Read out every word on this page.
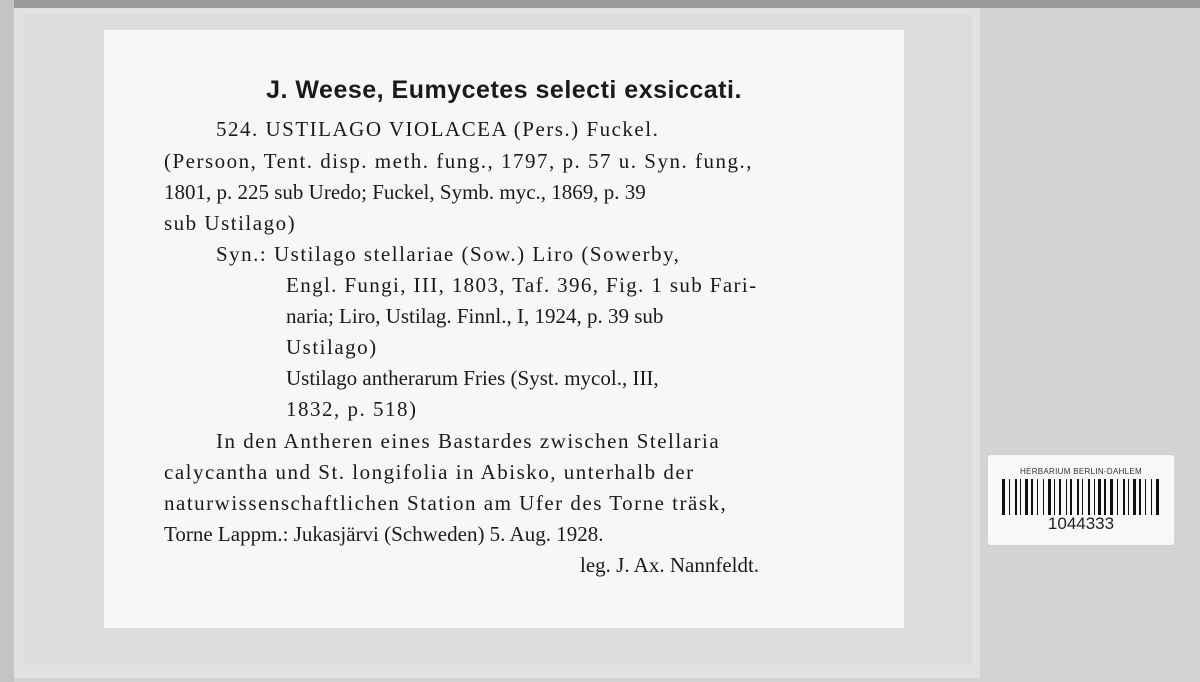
J. Weese, Eumycetes selecti exsiccati.
524. USTILAGO VIOLACEA (Pers.) Fuckel.
(Persoon, Tent. disp. meth. fung., 1797, p. 57 u. Syn. fung.,
1801, p. 225 sub Uredo; Fuckel, Symb. myc., 1869, p. 39
sub Ustilago)
Syn.: Ustilago stellariae (Sow.) Liro (Sowerby,
Engl. Fungi, III, 1803, Taf. 396, Fig. 1 sub Fari-
naria; Liro, Ustilag. Finnl., I, 1924, p. 39 sub
Ustilago)
Ustilago antherarum Fries (Syst. mycol., III,
1832, p. 518)
In den Antheren eines Bastardes zwischen Stellaria
calycantha und St. longifolia in Abisko, unterhalb der
naturwissenschaftlichen Station am Ufer des Torne träsk,
Torne Lappm.: Jukasjärvi (Schweden) 5. Aug. 1928.
leg. J. Ax. Nannfeldt.
HERBARIUM BERLIN-DAHLEM
1044333
